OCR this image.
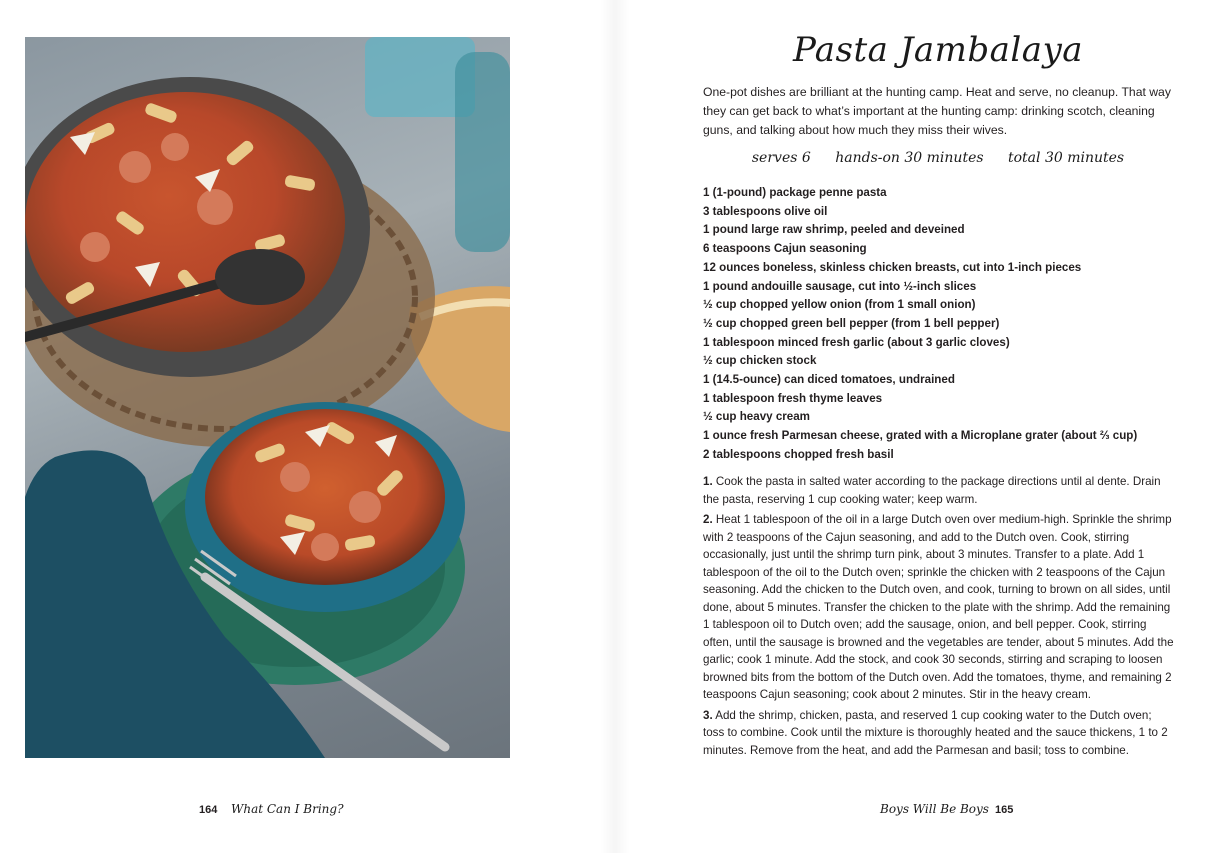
164 What Can I Bring?
Pasta Jambalaya
One-pot dishes are brilliant at the hunting camp. Heat and serve, no cleanup. That way they can get back to what’s important at the hunting camp: drinking scotch, cleaning guns, and talking about how much they miss their wives.
serves 6 hands-on 30 minutes total 30 minutes
1 (1-pound) package penne pasta
3 tablespoons olive oil
1 pound large raw shrimp, peeled and deveined
6 teaspoons Cajun seasoning
12 ounces boneless, skinless chicken breasts, cut into 1-inch pieces
1 pound andouille sausage, cut into ½-inch slices
½ cup chopped yellow onion (from 1 small onion)
½ cup chopped green bell pepper (from 1 bell pepper)
1 tablespoon minced fresh garlic (about 3 garlic cloves)
½ cup chicken stock
1 (14.5-ounce) can diced tomatoes, undrained
1 tablespoon fresh thyme leaves
½ cup heavy cream
1 ounce fresh Parmesan cheese, grated with a Microplane grater (about ⅔ cup)
2 tablespoons chopped fresh basil

1. Cook the pasta in salted water according to the package directions until al dente. Drain the pasta, reserving 1 cup cooking water; keep warm.

2. Heat 1 tablespoon of the oil in a large Dutch oven over medium-high. Sprinkle the shrimp with 2 teaspoons of the Cajun seasoning, and add to the Dutch oven. Cook, stirring occasionally, just until the shrimp turn pink, about 3 minutes. Transfer to a plate. Add 1 tablespoon of the oil to the Dutch oven; sprinkle the chicken with 2 teaspoons of the Cajun seasoning. Add the chicken to the Dutch oven, and cook, turning to brown on all sides, until done, about 5 minutes. Transfer the chicken to the plate with the shrimp. Add the remaining 1 tablespoon oil to Dutch oven; add the sausage, onion, and bell pepper. Cook, stirring often, until the sausage is browned and the vegetables are tender, about 5 minutes. Add the garlic; cook 1 minute. Add the stock, and cook 30 seconds, stirring and scraping to loosen browned bits from the bottom of the Dutch oven. Add the tomatoes, thyme, and remaining 2 teaspoons Cajun seasoning; cook about 2 minutes. Stir in the heavy cream.

3. Add the shrimp, chicken, pasta, and reserved 1 cup cooking water to the Dutch oven; toss to combine. Cook until the mixture is thoroughly heated and the sauce thickens, 1 to 2 minutes. Remove from the heat, and add the Parmesan and basil; toss to combine.

Boys Will Be Boys 165
